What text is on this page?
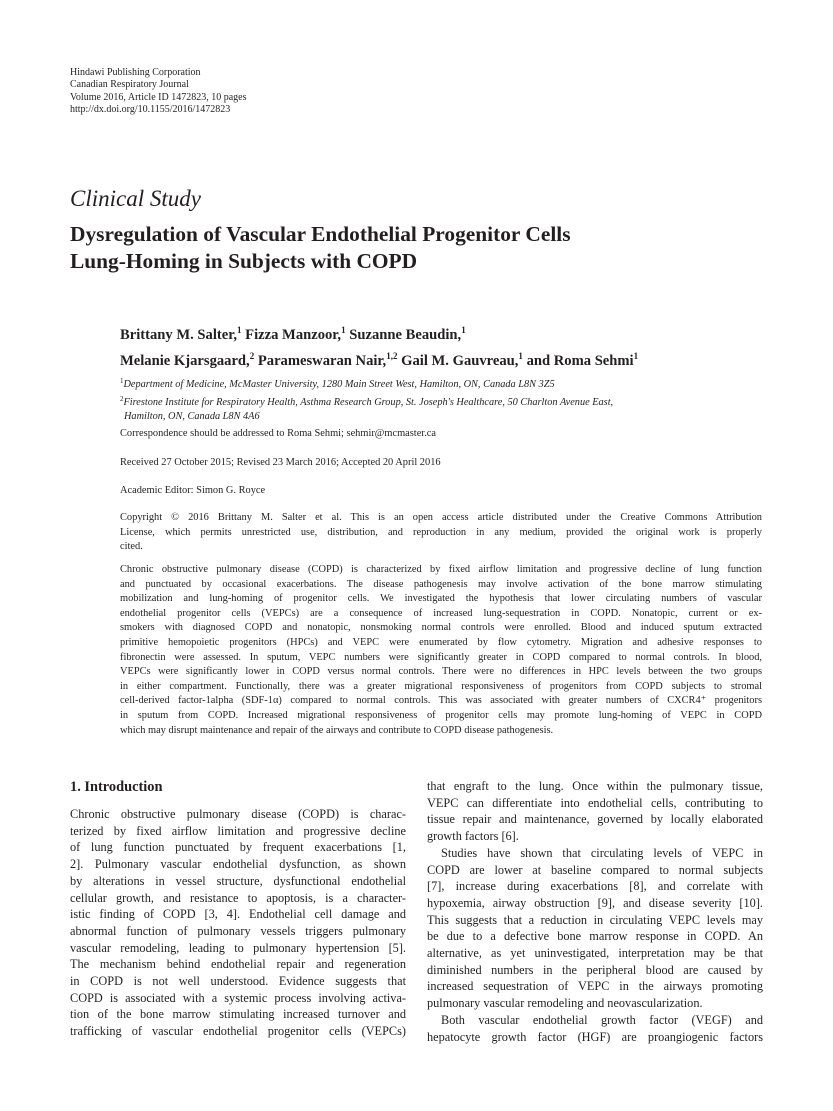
Hindawi Publishing Corporation
Canadian Respiratory Journal
Volume 2016, Article ID 1472823, 10 pages
http://dx.doi.org/10.1155/2016/1472823
Clinical Study
Dysregulation of Vascular Endothelial Progenitor Cells
Lung-Homing in Subjects with COPD
Brittany M. Salter,$^1$ Fizza Manzoor,$^1$ Suzanne Beaudin,$^1$
Melanie Kjarsgaard,$^2$ Parameswaran Nair,$^{1,2}$ Gail M. Gauvreau,$^1$ and Roma Sehmi$^1$
$^1$Department of Medicine, McMaster University, 1280 Main Street West, Hamilton, ON, Canada L8N 3Z5
$^2$Firestone Institute for Respiratory Health, Asthma Research Group, St. Joseph's Healthcare, 50 Charlton Avenue East,
Hamilton, ON, Canada L8N 4A6
Correspondence should be addressed to Roma Sehmi; sehmir@mcmaster.ca
Received 27 October 2015; Revised 23 March 2016; Accepted 20 April 2016
Academic Editor: Simon G. Royce
Copyright © 2016 Brittany M. Salter et al. This is an open access article distributed under the Creative Commons Attribution
License, which permits unrestricted use, distribution, and reproduction in any medium, provided the original work is properly
cited.
Chronic obstructive pulmonary disease (COPD) is characterized by fixed airflow limitation and progressive decline of lung function
and punctuated by occasional exacerbations. The disease pathogenesis may involve activation of the bone marrow stimulating
mobilization and lung-homing of progenitor cells. We investigated the hypothesis that lower circulating numbers of vascular
endothelial progenitor cells (VEPCs) are a consequence of increased lung-sequestration in COPD. Nonatopic, current or ex-
smokers with diagnosed COPD and nonatopic, nonsmoking normal controls were enrolled. Blood and induced sputum extracted
primitive hemopoietic progenitors (HPCs) and VEPC were enumerated by flow cytometry. Migration and adhesive responses to
fibronectin were assessed. In sputum, VEPC numbers were significantly greater in COPD compared to normal controls. In blood,
VEPCs were significantly lower in COPD versus normal controls. There were no differences in HPC levels between the two groups
in either compartment. Functionally, there was a greater migrational responsiveness of progenitors from COPD subjects to stromal
cell-derived factor-1alpha (SDF-1α) compared to normal controls. This was associated with greater numbers of CXCR4⁺ progenitors
in sputum from COPD. Increased migrational responsiveness of progenitor cells may promote lung-homing of VEPC in COPD
which may disrupt maintenance and repair of the airways and contribute to COPD disease pathogenesis.
1. Introduction
Chronic obstructive pulmonary disease (COPD) is charac-
terized by fixed airflow limitation and progressive decline
of lung function punctuated by frequent exacerbations [1,
2]. Pulmonary vascular endothelial dysfunction, as shown
by alterations in vessel structure, dysfunctional endothelial
cellular growth, and resistance to apoptosis, is a character-
istic finding of COPD [3, 4]. Endothelial cell damage and
abnormal function of pulmonary vessels triggers pulmonary
vascular remodeling, leading to pulmonary hypertension [5].
The mechanism behind endothelial repair and regeneration
in COPD is not well understood. Evidence suggests that
COPD is associated with a systemic process involving activa-
tion of the bone marrow stimulating increased turnover and
trafficking of vascular endothelial progenitor cells (VEPCs)
that engraft to the lung. Once within the pulmonary tissue,
VEPC can differentiate into endothelial cells, contributing to
tissue repair and maintenance, governed by locally elaborated
growth factors [6].
Studies have shown that circulating levels of VEPC in
COPD are lower at baseline compared to normal subjects
[7], increase during exacerbations [8], and correlate with
hypoxemia, airway obstruction [9], and disease severity [10].
This suggests that a reduction in circulating VEPC levels may
be due to a defective bone marrow response in COPD. An
alternative, as yet uninvestigated, interpretation may be that
diminished numbers in the peripheral blood are caused by
increased sequestration of VEPC in the airways promoting
pulmonary vascular remodeling and neovascularization.
Both vascular endothelial growth factor (VEGF) and
hepatocyte growth factor (HGF) are proangiogenic factors
